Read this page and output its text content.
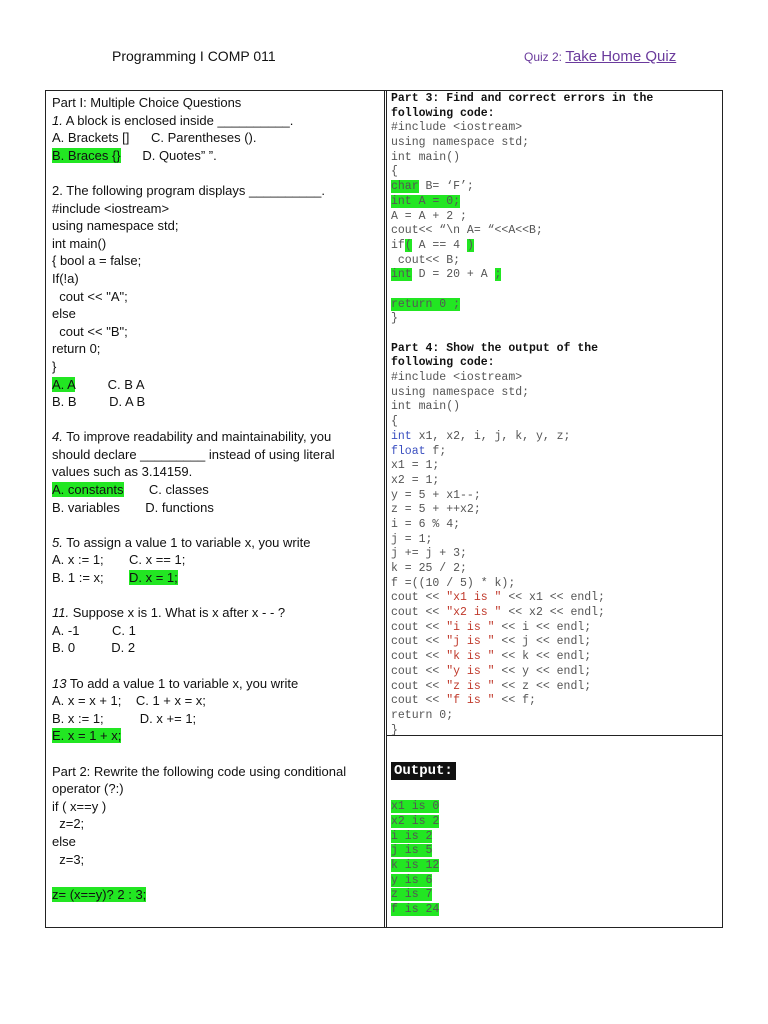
Programming I COMP 011	Quiz 2: Take Home Quiz
Part I: Multiple Choice Questions
1. A block is enclosed inside __________.
A. Brackets [] C. Parentheses ().
B. Braces {} D. Quotes” ”.
2. The following program displays __________.
#include <iostream>
using namespace std;
int main()
{ bool a = false;
If(!a)
cout << "A";
else
cout << "B";
return 0;
}
A. A	C. B A
B. B	D. A B
4. To improve readability and maintainability, you
should declare _________ instead of using literal
values such as 3.14159.
A. constants C. classes
B. variables D. functions
5. To assign a value 1 to variable x, you write
A. x := 1; C. x == 1;
B. 1 := x; D. x = 1;
11. Suppose x is 1. What is x after x - - ?
A. -1	C. 1
B. 0	D. 2
13 To add a value 1 to variable x, you write
A. x = x + 1; C. 1 + x = x;
B. x := 1;	D. x += 1;
E. x = 1 + x;
Part 2: Rewrite the following code using conditional
operator (?:)
if ( x==y )
z=2;
else
z=3;
z= (x==y)? 2 : 3;
Part 3: Find and correct errors in the
following code:
#include <iostream>
using namespace std;
int main()
{
char B= ‘F’;
int A = 0;
A = A + 2 ;
cout<< “\n A= “<<A<<B;
if( A == 4 )
cout<< B;
int D = 20 + A ;
return 0 ;
}
Part 4: Show the output of the
following code:
#include <iostream>
using namespace std;
int main()
{
int x1, x2, i, j, k, y, z;
float f;
x1 = 1;
x2 = 1;
y = 5 + x1--;
z = 5 + ++x2;
i = 6 % 4;
j = 1;
j += j + 3;
k = 25 / 2;
f =((10 / 5) * k);
cout << "x1 is " << x1 << endl;
cout << "x2 is " << x2 << endl;
cout << "i is " << i << endl;
cout << "j is " << j << endl;
cout << "k is " << k << endl;
cout << "y is " << y << endl;
cout << "z is " << z << endl;
cout << "f is " << f;
return 0;
}
Output:
x1 is 0
x2 is 2
i is 2
j is 5
k is 12
y is 6
z is 7
f is 24
